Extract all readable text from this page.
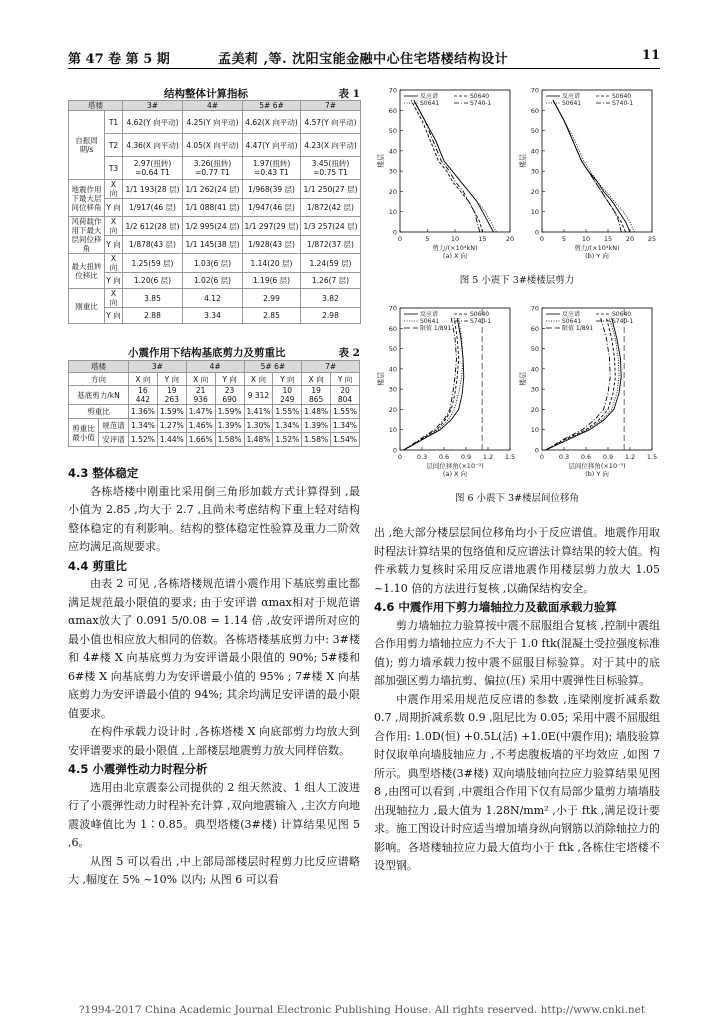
第 47 卷 第 5 期	孟美莉 ,等. 沈阳宝能金融中心住宅塔楼结构设计	11
结构整体计算指标	表 1
塔楼		3#	4#	5# 6#	7#
自振周期/s	T1	4.62(Y 向平动)	4.25(Y 向平动)	4.62(X 向平动)	4.57(Y 向平动)
	T2	4.36(X 向平动)	4.05(X 向平动)	4.47(Y 向平动)	4.23(X 向平动)
	T3	2.97(扭转) =0.64 T1	3.26(扭转) =0.77 T1	1.97(扭转) =0.43 T1	3.45(扭转) =0.75 T1
地震作用下最大层间位移角	X 向	1/1 193(28 层)	1/1 262(24 层)	1/968(39 层)	1/1 250(27 层)
	Y 向	1/917(46 层)	1/1 088(41 层)	1/947(46 层)	1/872(42 层)
风荷载作用下最大层间位移角	X 向	1/2 612(28 层)	1/2 995(24 层)	1/1 297(29 层)	1/3 257(24 层)
	Y 向	1/878(43 层)	1/1 145(38 层)	1/928(43 层)	1/872(37 层)
最大扭转位移比	X 向	1.25(59 层)	1.03(6 层)	1.14(20 层)	1.24(59 层)
	Y 向	1.20(6 层)	1.02(6 层)	1.19(6 层)	1.26(7 层)
刚重比	X 向	3.85	4.12	2.99	3.82
	Y 向	2.88	3.34	2.85	2.98
小震作用下结构基底剪力及剪重比	表 2
塔楼		3#		4#		5# 6#		7#	
方向		X 向	Y 向	X 向	Y 向	X 向	Y 向	X 向	Y 向
基底剪力/kN		16 442	19 263	21 936	23 690	9 312	10 249	19 865	20 804
剪重比		1.36%	1.59%	1.47%	1.59%	1.41%	1.55%	1.48%	1.55%
剪重比最小值	规范谱	1.34%	1.27%	1.46%	1.39%	1.30%	1.34%	1.39%	1.34%
	安评谱	1.52%	1.44%	1.66%	1.58%	1.48%	1.52%	1.58%	1.54%
4.3 整体稳定

各栋塔楼中刚重比采用倒三角形加载方式计算得到 ,最小值为 2.85 ,均大于 2.7 ,且尚未考虑结构下重上轻对结构整体稳定的有利影响。结构的整体稳定性验算及重力二阶效应均满足高规要求。

4.4 剪重比

由表 2 可见 ,各栋塔楼规范谱小震作用下基底剪重比都满足规范最小限值的要求; 由于安评谱 αmax相对于规范谱 αmax放大了 0.091 5/0.08 = 1.14 倍 ,故安评谱所对应的最小值也相应放大相同的倍数。各栋塔楼基底剪力中: 3#楼和 4#楼 X 向基底剪力为安评谱最小限值的 90%; 5#楼和 6#楼 X 向基底剪力为安评谱最小值的 95% ; 7#楼 X 向基底剪力为安评谱最小值的 94%; 其余均满足安评谱的最小限值要求。

在构件承载力设计时 ,各栋塔楼 X 向底部剪力均放大到安评谱要求的最小限值 ,上部楼层地震剪力放大同样倍数。

4.5 小震弹性动力时程分析

选用由北京震泰公司提供的 2 组天然波、1 组人工波进行了小震弹性动力时程补充计算 ,双向地震输入 ,主次方向地震波峰值比为 1∶0.85。典型塔楼(3#楼) 计算结果见图 5 ,6。

从图 5 可以看出 ,中上部局部楼层时程剪力比反应谱略大 ,幅度在 5% ~10% 以内; 从图 6 可以看

0
10
20
30
40
50
60
70
0	5	10	15	20
楼层
剪力/(×10⁴kN)
(a) X 向
反应谱	S0640
S0641	S740-1
0
10
20
30
40
50
60
70
0	5 10 15 20 25
楼层
剪力/(×10⁴kN)
(b) Y 向
反应谱	S0640
S0641	S740-1
图 5 小震下 3#楼楼层剪力
0
10
20
30
40
50
60
70
0 0.3 0.6 0.9 1.2 1.5
楼层
层间位移角(×10⁻³)
(a) X 向
反应谱	S0640
S0641	S740-1
限值 1/891
0
10
20
30
40
50
60
70
0 0.3 0.6 0.9 1.2 1.5
楼层
层间位移角(×10⁻³)
(b) Y 向
反应谱	S0640
S0641	S740-1
限值 1/891
图 6 小震下 3#楼层间位移角

出 ,绝大部分楼层层间位移角均小于反应谱值。地震作用取时程法计算结果的包络值和反应谱法计算结果的较大值。构件承载力复核时采用反应谱地震作用楼层剪力放大 1.05 ~1.10 倍的方法进行复核 ,以确保结构安全。

4.6 中震作用下剪力墙轴拉力及截面承载力验算

剪力墙轴拉力验算按中震不屈服组合复核 ,控制中震组合作用剪力墙轴拉应力不大于 1.0 ftk(混凝土受拉强度标准值); 剪力墙承载力按中震不屈服目标验算。对于其中的底部加强区剪力墙抗剪、偏拉(压) 采用中震弹性目标验算。

中震作用采用规范反应谱的参数 ,连梁刚度折减系数 0.7 ,周期折减系数 0.9 ,阻尼比为 0.05; 采用中震不屈服组合作用: 1.0D(恒) +0.5L(活) +1.0E(中震作用); 墙肢验算时仅取单向墙肢轴应力 ,不考虑腹板墙的平均效应 ,如图 7 所示。典型塔楼(3#楼) 双向墙肢轴向拉应力验算结果见图 8 ,由图可以看到 ,中震组合作用下仅有局部少量剪力墙墙肢出现轴拉力 ,最大值为 1.28N/mm² ,小于 ftk ,满足设计要求。施工图设计时应适当增加墙身纵向钢筋以消除轴拉力的影响。各塔楼轴拉应力最大值均小于 ftk ,各栋住宅塔楼不设型钢。

?1994-2017 China Academic Journal Electronic Publishing House. All rights reserved. http://www.cnki.net
